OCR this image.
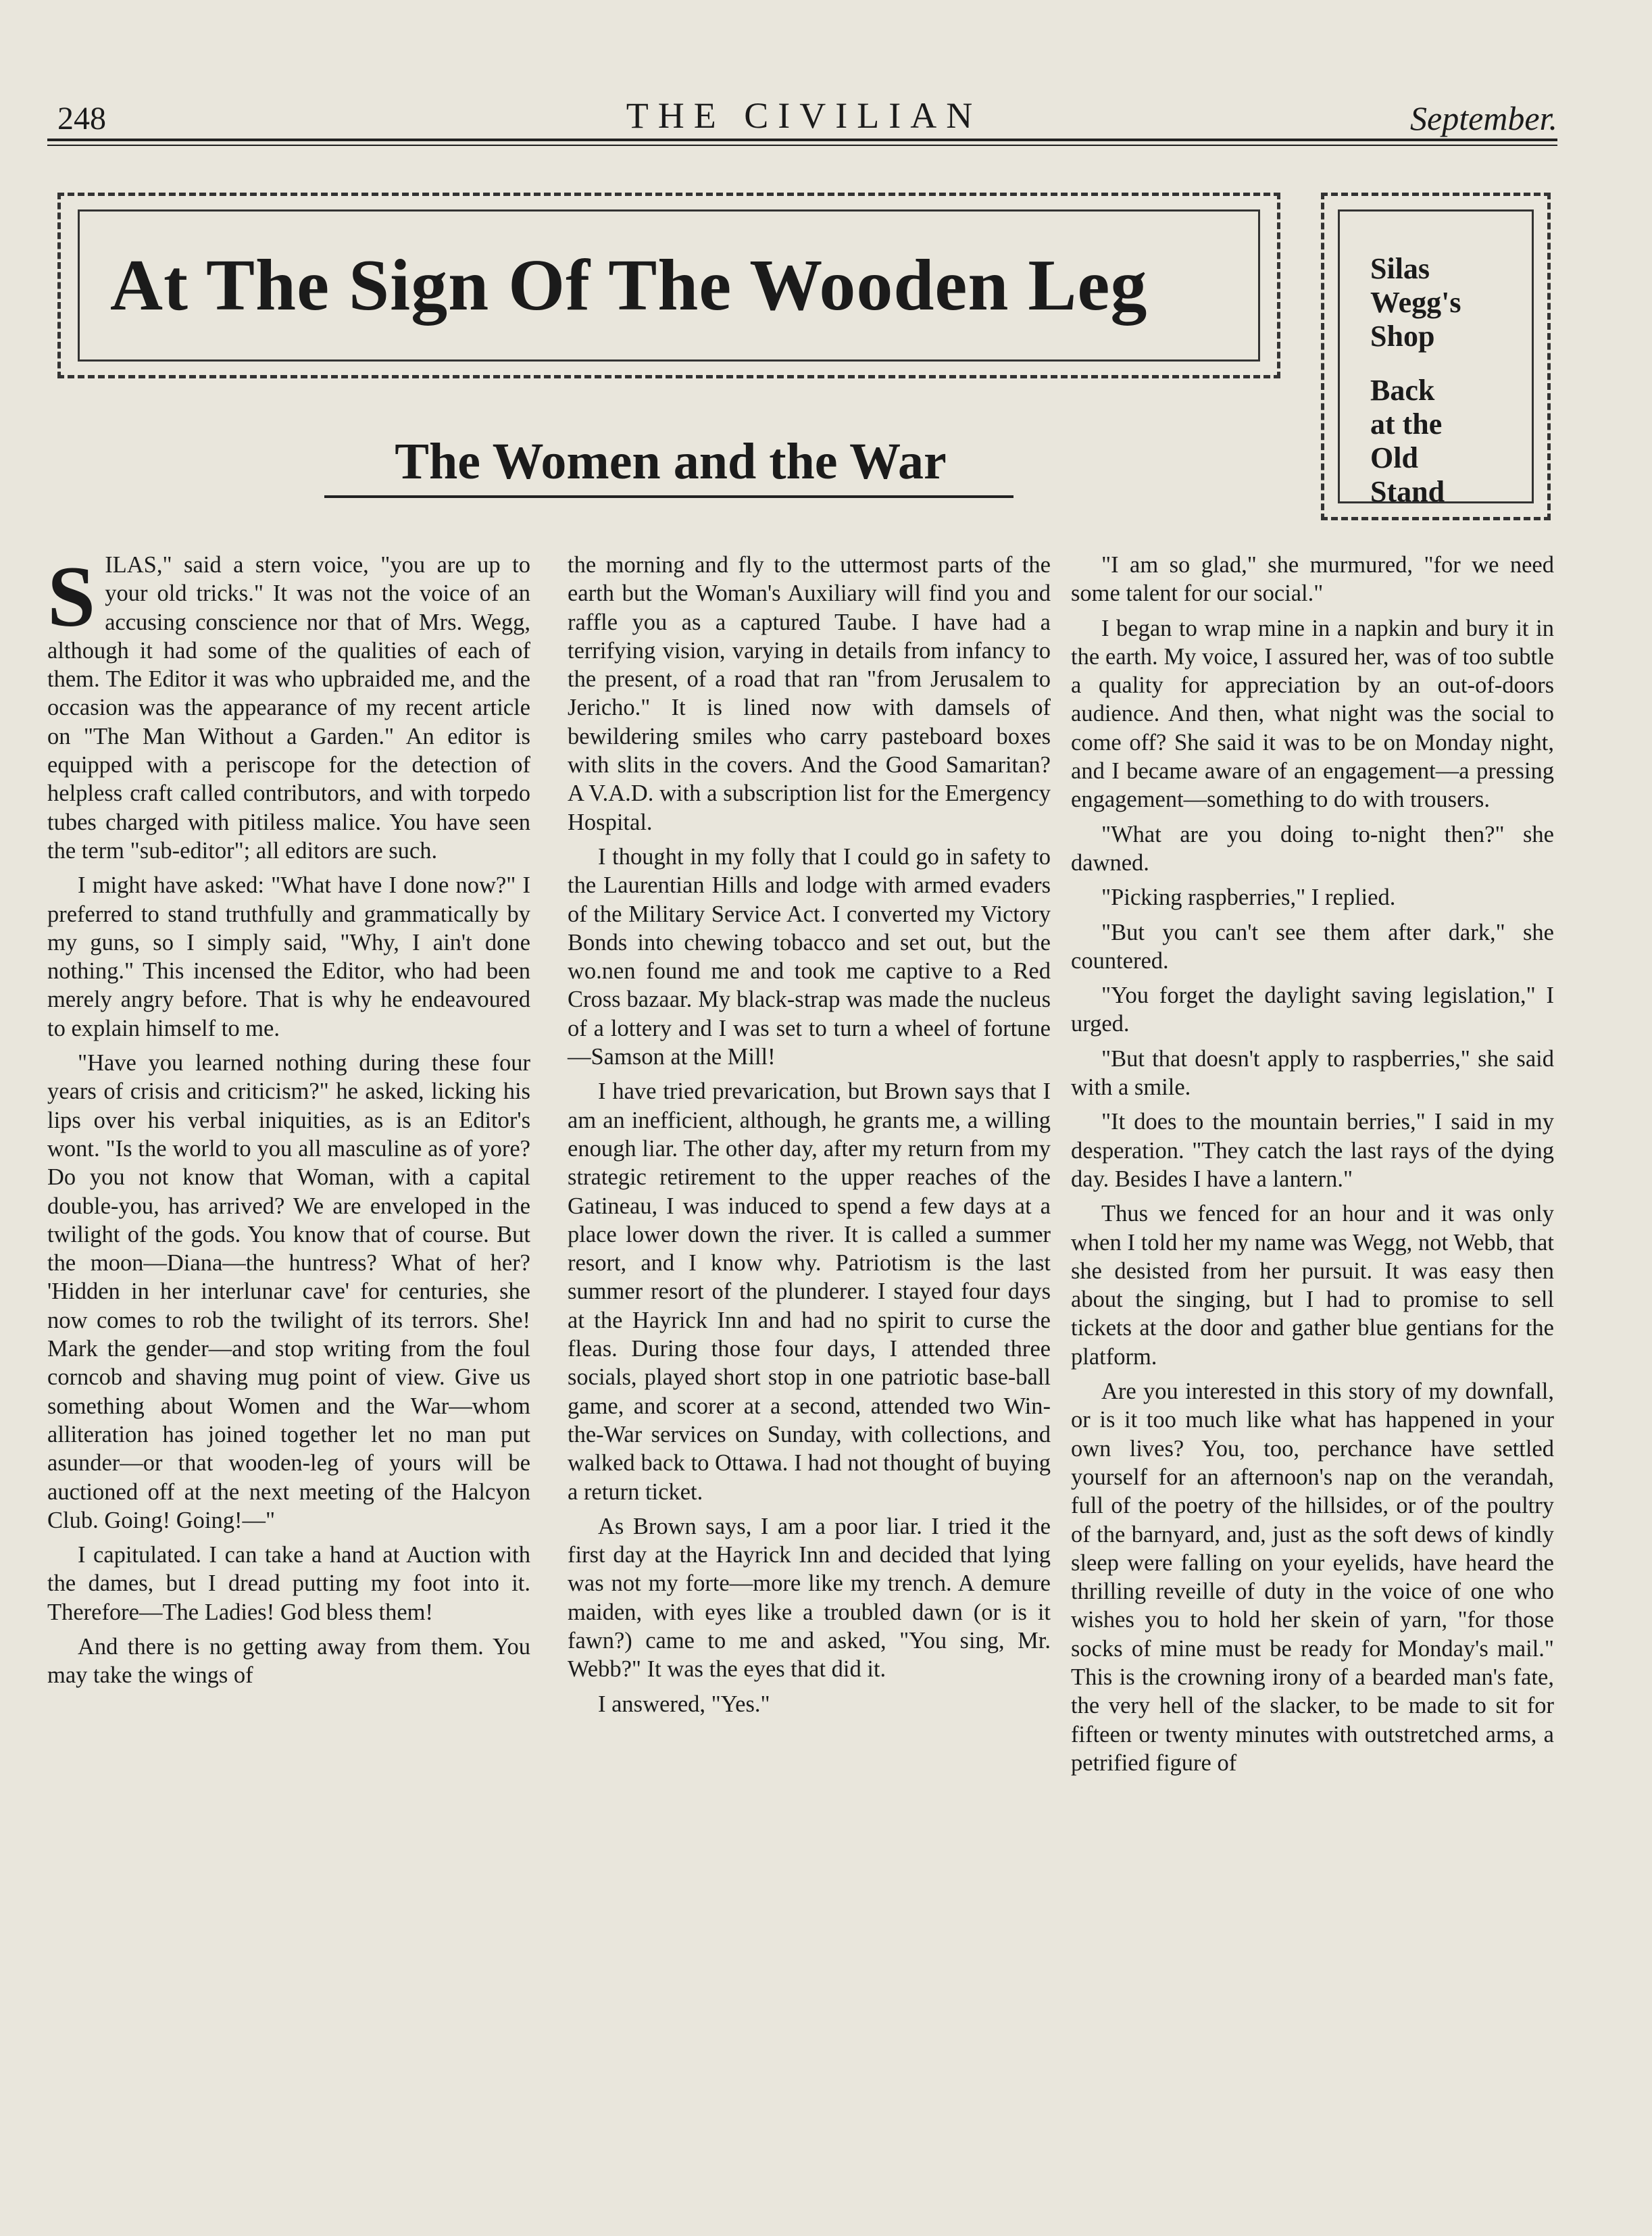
248	THE CIVILIAN	September.
At The Sign Of The Wooden Leg	Silas
Wegg's
Shop
Back
at the
Old
Stand
The Women and the War

SILAS," said a stern voice, "you are up to your old tricks." It was not the voice of an accusing conscience nor that of Mrs. Wegg, although it had some of the qualities of each of them. The Editor it was who upbraided me, and the occasion was the appearance of my recent article on "The Man Without a Garden." An editor is equipped with a periscope for the detection of helpless craft called contributors, and with torpedo tubes charged with pitiless malice. You have seen the term "sub-editor"; all editors are such.

I might have asked: "What have I done now?" I preferred to stand truthfully and grammatically by my guns, so I simply said, "Why, I ain't done nothing." This incensed the Editor, who had been merely angry before. That is why he endeavoured to explain himself to me.

"Have you learned nothing during these four years of crisis and criticism?" he asked, licking his lips over his verbal iniquities, as is an Editor's wont. "Is the world to you all masculine as of yore? Do you not know that Woman, with a capital double-you, has arrived? We are enveloped in the twilight of the gods. You know that of course. But the moon—Diana—the huntress? What of her? 'Hidden in her interlunar cave' for centuries, she now comes to rob the twilight of its terrors. She! Mark the gender—and stop writing from the foul corncob and shaving mug point of view. Give us something about Women and the War—whom alliteration has joined together let no man put asunder—or that wooden-leg of yours will be auctioned off at the next meeting of the Halcyon Club. Going! Going!—"

I capitulated. I can take a hand at Auction with the dames, but I dread putting my foot into it. Therefore—The Ladies! God bless them!

And there is no getting away from them. You may take the wings of

the morning and fly to the uttermost parts of the earth but the Woman's Auxiliary will find you and raffle you as a captured Taube. I have had a terrifying vision, varying in details from infancy to the present, of a road that ran "from Jerusalem to Jericho." It is lined now with damsels of bewildering smiles who carry pasteboard boxes with slits in the covers. And the Good Samaritan? A V.A.D. with a subscription list for the Emergency Hospital.

I thought in my folly that I could go in safety to the Laurentian Hills and lodge with armed evaders of the Military Service Act. I converted my Victory Bonds into chewing tobacco and set out, but the wo.nen found me and took me captive to a Red Cross bazaar. My black-strap was made the nucleus of a lottery and I was set to turn a wheel of fortune—Samson at the Mill!

I have tried prevarication, but Brown says that I am an inefficient, although, he grants me, a willing enough liar. The other day, after my return from my strategic retirement to the upper reaches of the Gatineau, I was induced to spend a few days at a place lower down the river. It is called a summer resort, and I know why. Patriotism is the last summer resort of the plunderer. I stayed four days at the Hayrick Inn and had no spirit to curse the fleas. During those four days, I attended three socials, played short stop in one patriotic base-ball game, and scorer at a second, attended two Win-the-War services on Sunday, with collections, and walked back to Ottawa. I had not thought of buying a return ticket.

As Brown says, I am a poor liar. I tried it the first day at the Hayrick Inn and decided that lying was not my forte—more like my trench. A demure maiden, with eyes like a troubled dawn (or is it fawn?) came to me and asked, "You sing, Mr. Webb?" It was the eyes that did it.

I answered, "Yes."

"I am so glad," she murmured, "for we need some talent for our social."

I began to wrap mine in a napkin and bury it in the earth. My voice, I assured her, was of too subtle a quality for appreciation by an out-of-doors audience. And then, what night was the social to come off? She said it was to be on Monday night, and I became aware of an engagement—a pressing engagement—something to do with trousers.

"What are you doing to-night then?" she dawned.

"Picking raspberries," I replied.

"But you can't see them after dark," she countered.

"You forget the daylight saving legislation," I urged.

"But that doesn't apply to raspberries," she said with a smile.

"It does to the mountain berries," I said in my desperation. "They catch the last rays of the dying day. Besides I have a lantern."

Thus we fenced for an hour and it was only when I told her my name was Wegg, not Webb, that she desisted from her pursuit. It was easy then about the singing, but I had to promise to sell tickets at the door and gather blue gentians for the platform.

Are you interested in this story of my downfall, or is it too much like what has happened in your own lives? You, too, perchance have settled yourself for an afternoon's nap on the verandah, full of the poetry of the hillsides, or of the poultry of the barnyard, and, just as the soft dews of kindly sleep were falling on your eyelids, have heard the thrilling reveille of duty in the voice of one who wishes you to hold her skein of yarn, "for those socks of mine must be ready for Monday's mail." This is the crowning irony of a bearded man's fate, the very hell of the slacker, to be made to sit for fifteen or twenty minutes with outstretched arms, a petrified figure of
